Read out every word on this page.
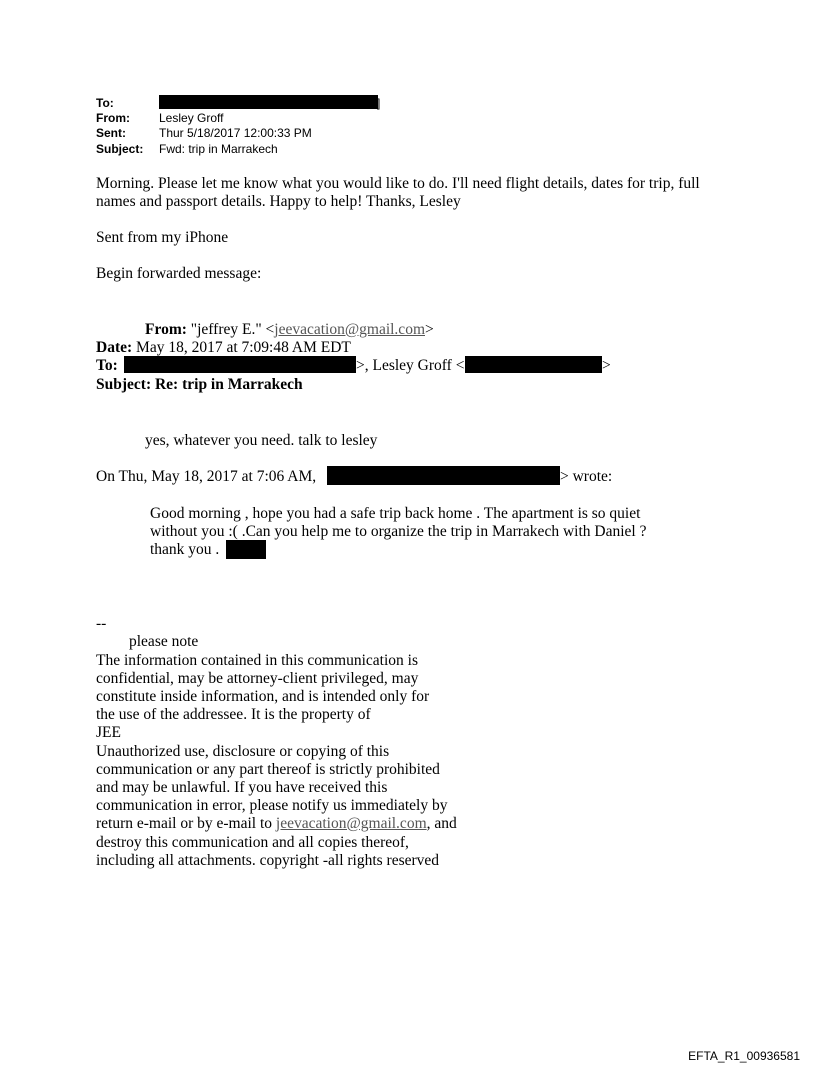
To:	]
From: Lesley Groff
Sent:	Thur 5/18/2017 12:00:33 PM
Subject: Fwd: trip in Marrakech
Morning. Please let me know what you would like to do. I'll need flight details, dates for trip, full
names and passport details. Happy to help! Thanks, Lesley
Sent from my iPhone
Begin forwarded message:
From: "jeffrey E." <jeevacation@gmail.com>
Date: May 18, 2017 at 7:09:48 AM EDT
To:	>, Lesley Groff <	>
Subject: Re: trip in Marrakech
yes, whatever you need. talk to lesley
On Thu, May 18, 2017 at 7:06 AM,	> wrote:
Good morning , hope you had a safe trip back home . The apartment is so quiet
without you :( .Can you help me to organize the trip in Marrakech with Daniel ?
thank you .
--
please note
The information contained in this communication is
confidential, may be attorney-client privileged, may
constitute inside information, and is intended only for
the use of the addressee. It is the property of
JEE
Unauthorized use, disclosure or copying of this
communication or any part thereof is strictly prohibited
and may be unlawful. If you have received this
communication in error, please notify us immediately by
return e-mail or by e-mail to jeevacation@gmail.com, and
destroy this communication and all copies thereof,
including all attachments. copyright -all rights reserved
EFTA_R1_00936581
